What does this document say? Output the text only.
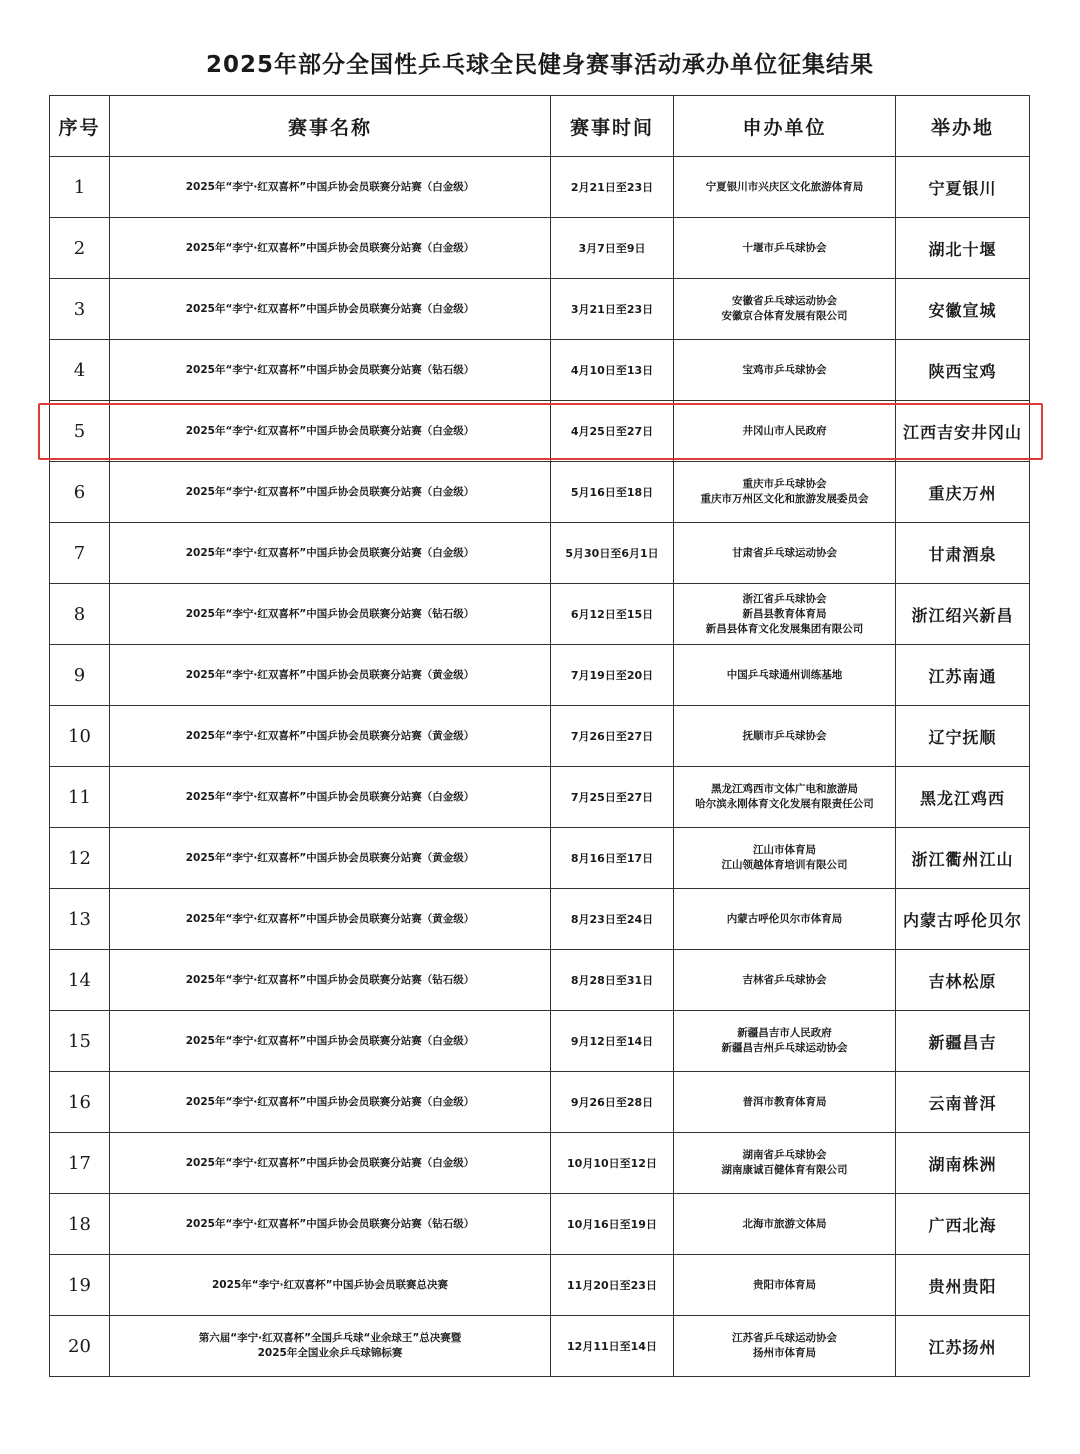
2025年部分全国性乒乓球全民健身赛事活动承办单位征集结果
序号	赛事名称	赛事时间	申办单位	举办地
1	2025年“李宁·红双喜杯”中国乒协会员联赛分站赛（白金级）	2月21日至23日	宁夏银川市兴庆区文化旅游体育局	宁夏银川
2	2025年“李宁·红双喜杯”中国乒协会员联赛分站赛（白金级）	3月7日至9日	十堰市乒乓球协会	湖北十堰
3	2025年“李宁·红双喜杯”中国乒协会员联赛分站赛（白金级）	3月21日至23日	安徽省乒乓球运动协会
安徽京合体育发展有限公司	安徽宣城
4	2025年“李宁·红双喜杯”中国乒协会员联赛分站赛（钻石级）	4月10日至13日	宝鸡市乒乓球协会	陕西宝鸡
5	2025年“李宁·红双喜杯”中国乒协会员联赛分站赛（白金级）	4月25日至27日	井冈山市人民政府	江西吉安井冈山
6	2025年“李宁·红双喜杯”中国乒协会员联赛分站赛（白金级）	5月16日至18日	重庆市乒乓球协会
重庆市万州区文化和旅游发展委员会	重庆万州
7	2025年“李宁·红双喜杯”中国乒协会员联赛分站赛（白金级）	5月30日至6月1日	甘肃省乒乓球运动协会	甘肃酒泉
8	2025年“李宁·红双喜杯”中国乒协会员联赛分站赛（钻石级）	6月12日至15日	浙江省乒乓球协会
新昌县教育体育局
新昌县体育文化发展集团有限公司	浙江绍兴新昌
9	2025年“李宁·红双喜杯”中国乒协会员联赛分站赛（黄金级）	7月19日至20日	中国乒乓球通州训练基地	江苏南通
10	2025年“李宁·红双喜杯”中国乒协会员联赛分站赛（黄金级）	7月26日至27日	抚顺市乒乓球协会	辽宁抚顺
11	2025年“李宁·红双喜杯”中国乒协会员联赛分站赛（白金级）	7月25日至27日	黑龙江鸡西市文体广电和旅游局
哈尔滨永刚体育文化发展有限责任公司	黑龙江鸡西
12	2025年“李宁·红双喜杯”中国乒协会员联赛分站赛（黄金级）	8月16日至17日	江山市体育局
江山领越体育培训有限公司	浙江衢州江山
13	2025年“李宁·红双喜杯”中国乒协会员联赛分站赛（黄金级）	8月23日至24日	内蒙古呼伦贝尔市体育局	内蒙古呼伦贝尔
14	2025年“李宁·红双喜杯”中国乒协会员联赛分站赛（钻石级）	8月28日至31日	吉林省乒乓球协会	吉林松原
15	2025年“李宁·红双喜杯”中国乒协会员联赛分站赛（白金级）	9月12日至14日	新疆昌吉市人民政府
新疆昌吉州乒乓球运动协会	新疆昌吉
16	2025年“李宁·红双喜杯”中国乒协会员联赛分站赛（白金级）	9月26日至28日	普洱市教育体育局	云南普洱
17	2025年“李宁·红双喜杯”中国乒协会员联赛分站赛（白金级）	10月10日至12日	湖南省乒乓球协会
湖南康诚百健体育有限公司	湖南株洲
18	2025年“李宁·红双喜杯”中国乒协会员联赛分站赛（钻石级）	10月16日至19日	北海市旅游文体局	广西北海
19	2025年“李宁·红双喜杯”中国乒协会员联赛总决赛	11月20日至23日	贵阳市体育局	贵州贵阳
20	第六届“李宁·红双喜杯”全国乒乓球“业余球王”总决赛暨
2025年全国业余乒乓球锦标赛	12月11日至14日	江苏省乒乓球运动协会
扬州市体育局	江苏扬州
